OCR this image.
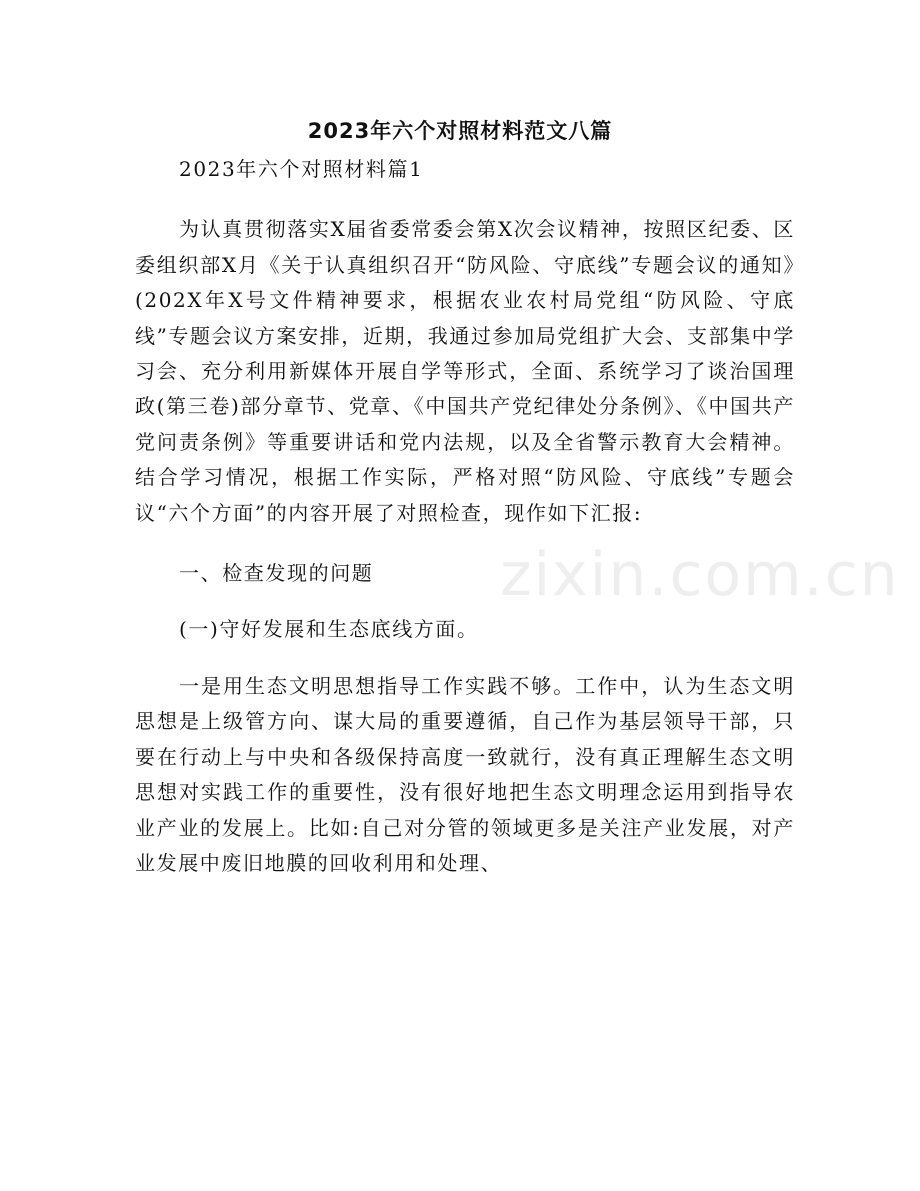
2023年六个对照材料范文八篇

2023年六个对照材料篇1

为认真贯彻落实X届省委常委会第X次会议精神，按照区纪委、区委组织部X月《关于认真组织召开“防风险、守底线”专题会议的通知》(202X年X号文件精神要求，根据农业农村局党组“防风险、守底线”专题会议方案安排，近期，我通过参加局党组扩大会、支部集中学习会、充分利用新媒体开展自学等形式，全面、系统学习了谈治国理政(第三卷)部分章节、党章、《中国共产党纪律处分条例》、《中国共产党问责条例》等重要讲话和党内法规，以及全省警示教育大会精神。结合学习情况，根据工作实际，严格对照“防风险、守底线”专题会议“六个方面”的内容开展了对照检查，现作如下汇报:

一、检查发现的问题

(一)守好发展和生态底线方面。

一是用生态文明思想指导工作实践不够。工作中，认为生态文明思想是上级管方向、谋大局的重要遵循，自己作为基层领导干部，只要在行动上与中央和各级保持高度一致就行，没有真正理解生态文明思想对实践工作的重要性，没有很好地把生态文明理念运用到指导农业产业的发展上。比如:自己对分管的领域更多是关注产业发展，对产业发展中废旧地膜的回收利用和处理、

zixin.com.cn
